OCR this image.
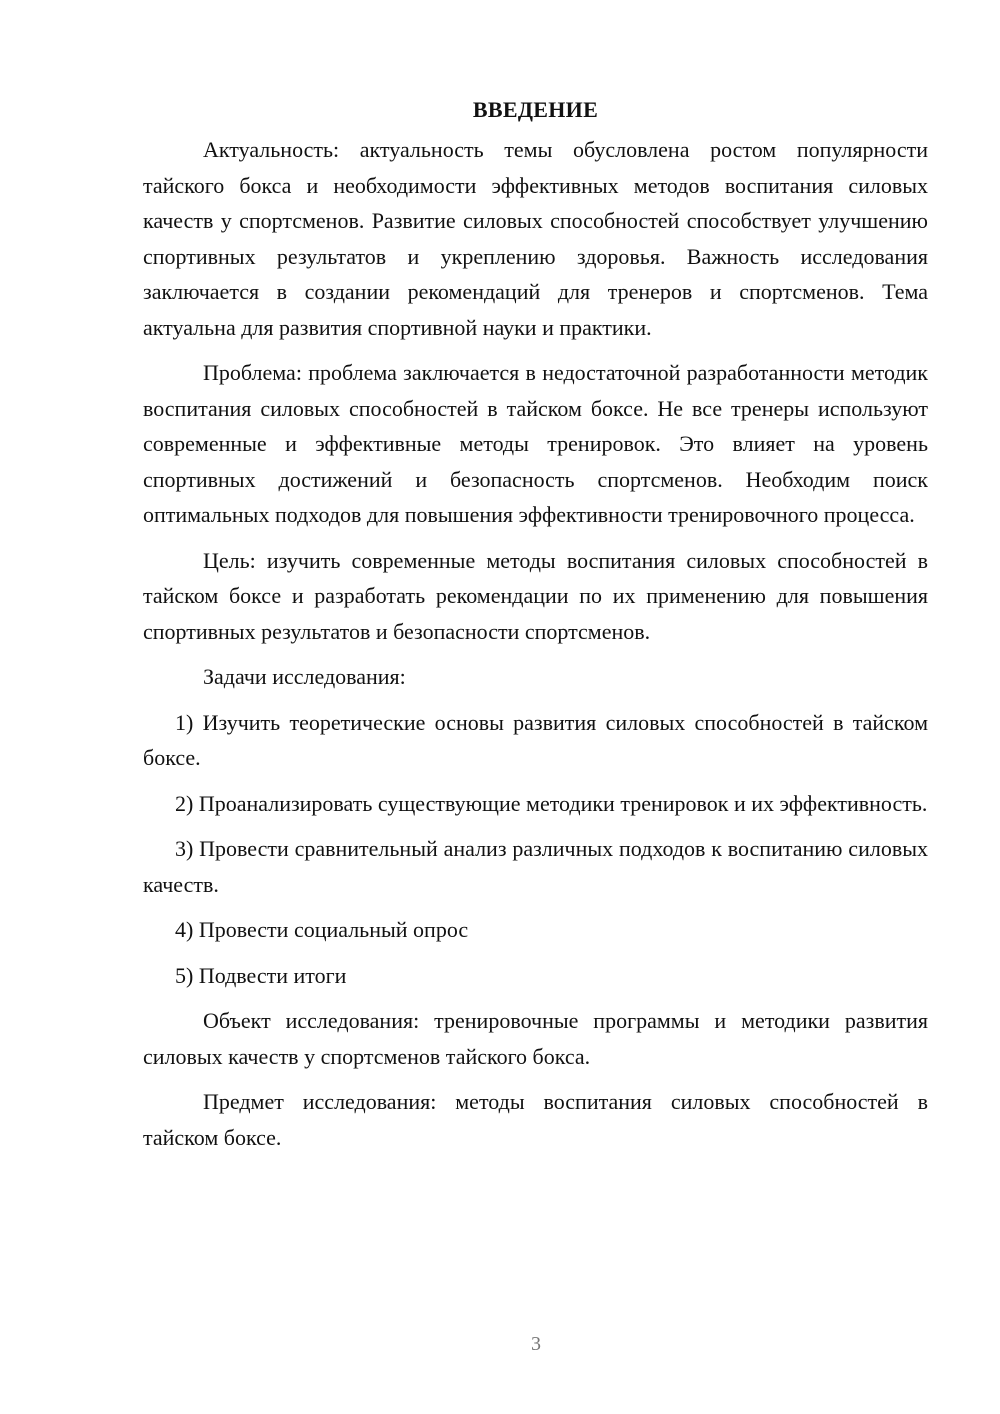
ВВЕДЕНИЕ

Актуальность: актуальность темы обусловлена ростом популярности тайского бокса и необходимости эффективных методов воспитания силовых качеств у спортсменов. Развитие силовых способностей способствует улучшению спортивных результатов и укреплению здоровья. Важность исследования заключается в создании рекомендаций для тренеров и спортсменов. Тема актуальна для развития спортивной науки и практики.

Проблема: проблема заключается в недостаточной разработанности методик воспитания силовых способностей в тайском боксе. Не все тренеры используют современные и эффективные методы тренировок. Это влияет на уровень спортивных достижений и безопасность спортсменов. Необходим поиск оптимальных подходов для повышения эффективности тренировочного процесса.

Цель: изучить современные методы воспитания силовых способностей в тайском боксе и разработать рекомендации по их применению для повышения спортивных результатов и безопасности спортсменов.

Задачи исследования:

1) Изучить теоретические основы развития силовых способностей в тайском боксе.

2) Проанализировать существующие методики тренировок и их эффективность.

3) Провести сравнительный анализ различных подходов к воспитанию силовых качеств.

4) Провести социальный опрос

5) Подвести итоги

Объект исследования: тренировочные программы и методики развития силовых качеств у спортсменов тайского бокса.

Предмет исследования: методы воспитания силовых способностей в тайском боксе.

3
